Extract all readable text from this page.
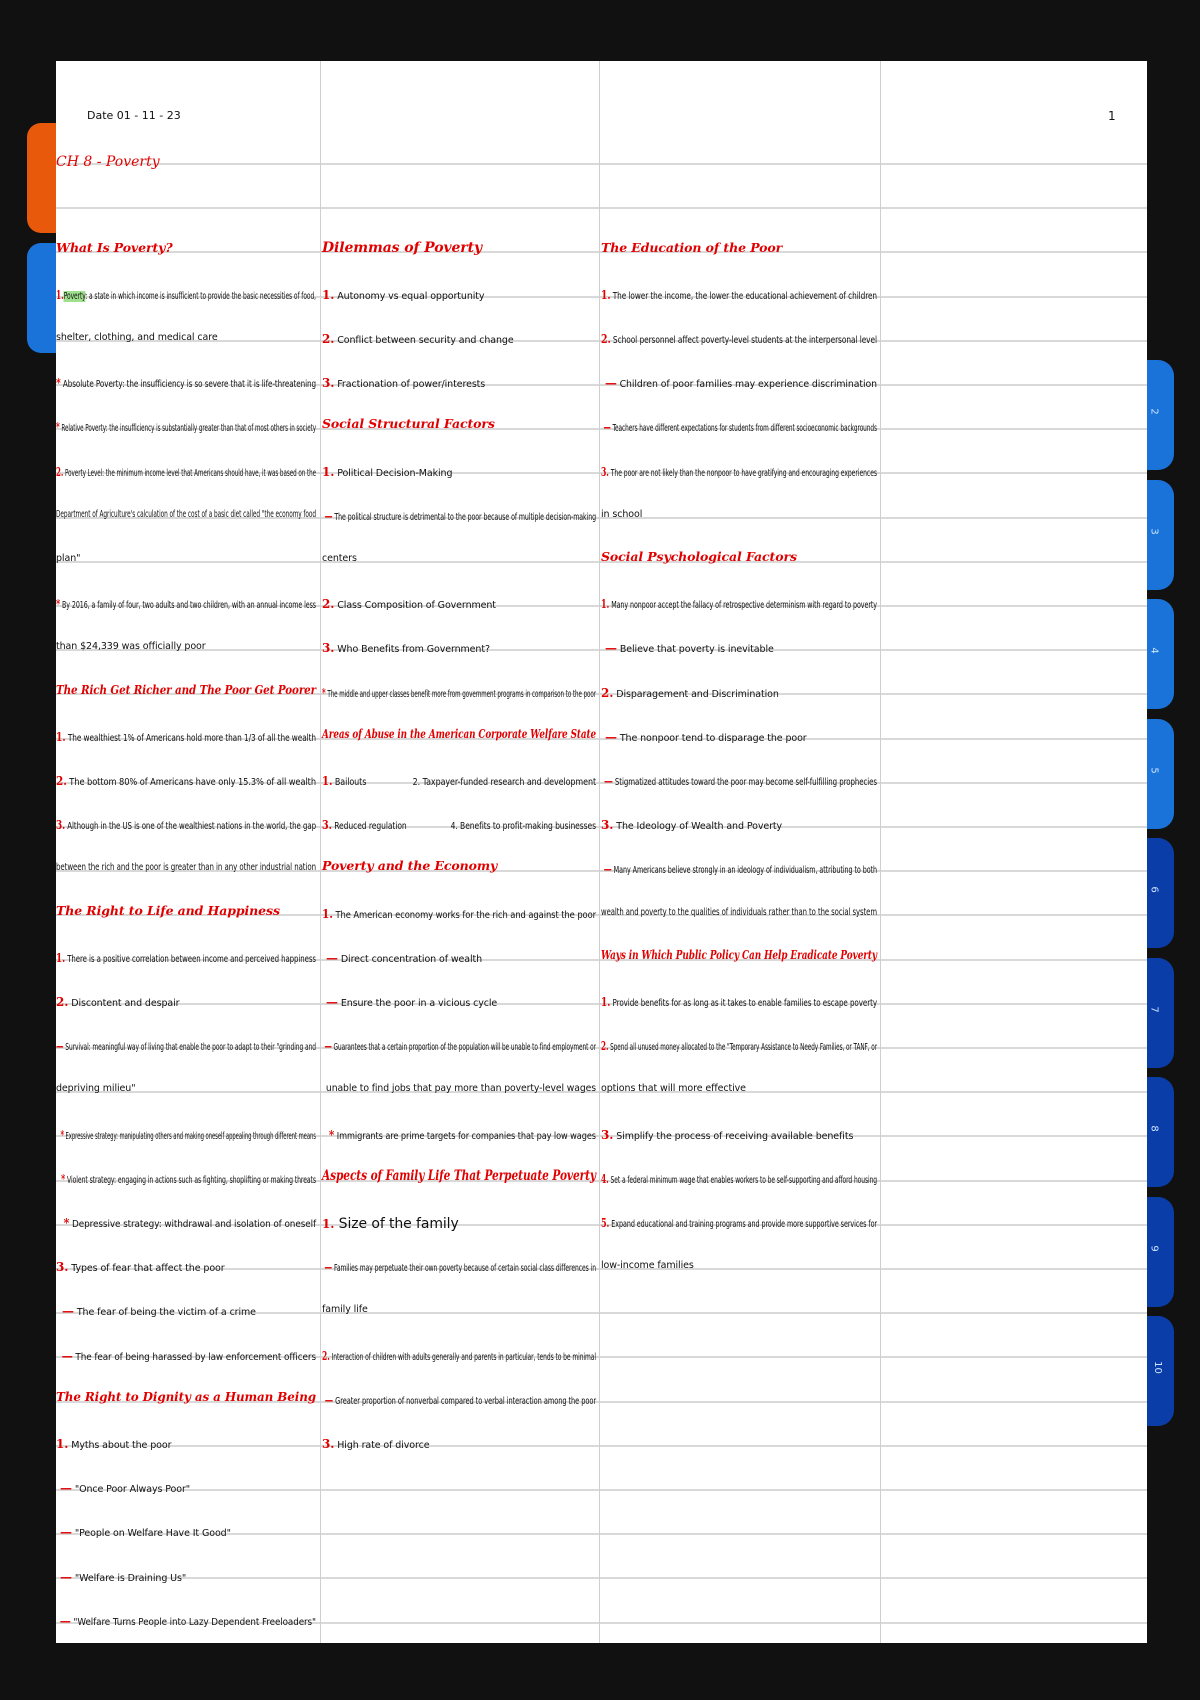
2
3
4
5
6
7
8
9
10
Date 01 - 11 - 23	1
CH 8 - Poverty
What Is Poverty?
1.Poverty: a state in which income is insufficient to provide the basic necessities of food,
shelter, clothing, and medical care
* Absolute Poverty: the insufficiency is so severe that it is life-threatening
* Relative Poverty: the insufficiency is substantially greater than that of most others in society
2. Poverty Level: the minimum income level that Americans should have, it was based on the
Department of Agriculture's calculation of the cost of a basic diet called "the economy food
plan"
* By 2016, a family of four, two adults and two children, with an annual income less
than $24,339 was officially poor
The Rich Get Richer and The Poor Get Poorer
1. The wealthiest 1% of Americans hold more than 1/3 of all the wealth
2. The bottom 80% of Americans have only 15.3% of all wealth
3. Although in the US is one of the wealthiest nations in the world, the gap
between the rich and the poor is greater than in any other industrial nation
The Right to Life and Happiness
1. There is a positive correlation between income and perceived happiness
2. Discontent and despair
— Survival: meaningful way of living that enable the poor to adapt to their "grinding and
depriving milieu"
* Expressive strategy: manipulating others and making oneself appealing through different means
* Violent strategy: engaging in actions such as fighting, shoplifting or making threats
* Depressive strategy: withdrawal and isolation of oneself
3. Types of fear that affect the poor
— The fear of being the victim of a crime
— The fear of being harassed by law enforcement officers
The Right to Dignity as a Human Being
1. Myths about the poor
— "Once Poor Always Poor"
— "People on Welfare Have It Good"
— "Welfare is Draining Us"
— "Welfare Turns People into Lazy Dependent Freeloaders"
Dilemmas of Poverty
1. Autonomy vs equal opportunity
2. Conflict between security and change
3. Fractionation of power/interests
Social Structural Factors
1. Political Decision-Making
— The political structure is detrimental to the poor because of multiple decision-making
centers
2. Class Composition of Government
3. Who Benefits from Government?
* The middle and upper classes benefit more from government programs in comparison to the poor
Areas of Abuse in the American Corporate Welfare State
1. Bailouts	2. Taxpayer-funded research and development
3. Reduced regulation	4. Benefits to profit-making businesses
Poverty and the Economy
1. The American economy works for the rich and against the poor
— Direct concentration of wealth
— Ensure the poor in a vicious cycle
— Guarantees that a certain proportion of the population will be unable to find employment or
unable to find jobs that pay more than poverty-level wages
* Immigrants are prime targets for companies that pay low wages
Aspects of Family Life That Perpetuate Poverty
1. Size of the family
— Families may perpetuate their own poverty because of certain social class differences in
family life
2. Interaction of children with adults generally and parents in particular, tends to be minimal
— Greater proportion of nonverbal compared to verbal interaction among the poor
3. High rate of divorce
The Education of the Poor
1. The lower the income, the lower the educational achievement of children
2. School personnel affect poverty-level students at the interpersonal level
— Children of poor families may experience discrimination
— Teachers have different expectations for students from different socioeconomic backgrounds
3. The poor are not likely than the nonpoor to have gratifying and encouraging experiences
in school
Social Psychological Factors
1. Many nonpoor accept the fallacy of retrospective determinism with regard to poverty
— Believe that poverty is inevitable
2. Disparagement and Discrimination
— The nonpoor tend to disparage the poor
— Stigmatized attitudes toward the poor may become self-fulfilling prophecies
3. The Ideology of Wealth and Poverty
— Many Americans believe strongly in an ideology of individualism, attributing to both
wealth and poverty to the qualities of individuals rather than to the social system
Ways in Which Public Policy Can Help Eradicate Poverty
1. Provide benefits for as long as it takes to enable families to escape poverty
2. Spend all unused money allocated to the "Temporary Assistance to Needy Families, or TANF, or
options that will more effective
3. Simplify the process of receiving available benefits
4. Set a federal minimum wage that enables workers to be self-supporting and afford housing
5. Expand educational and training programs and provide more supportive services for
low-income families
